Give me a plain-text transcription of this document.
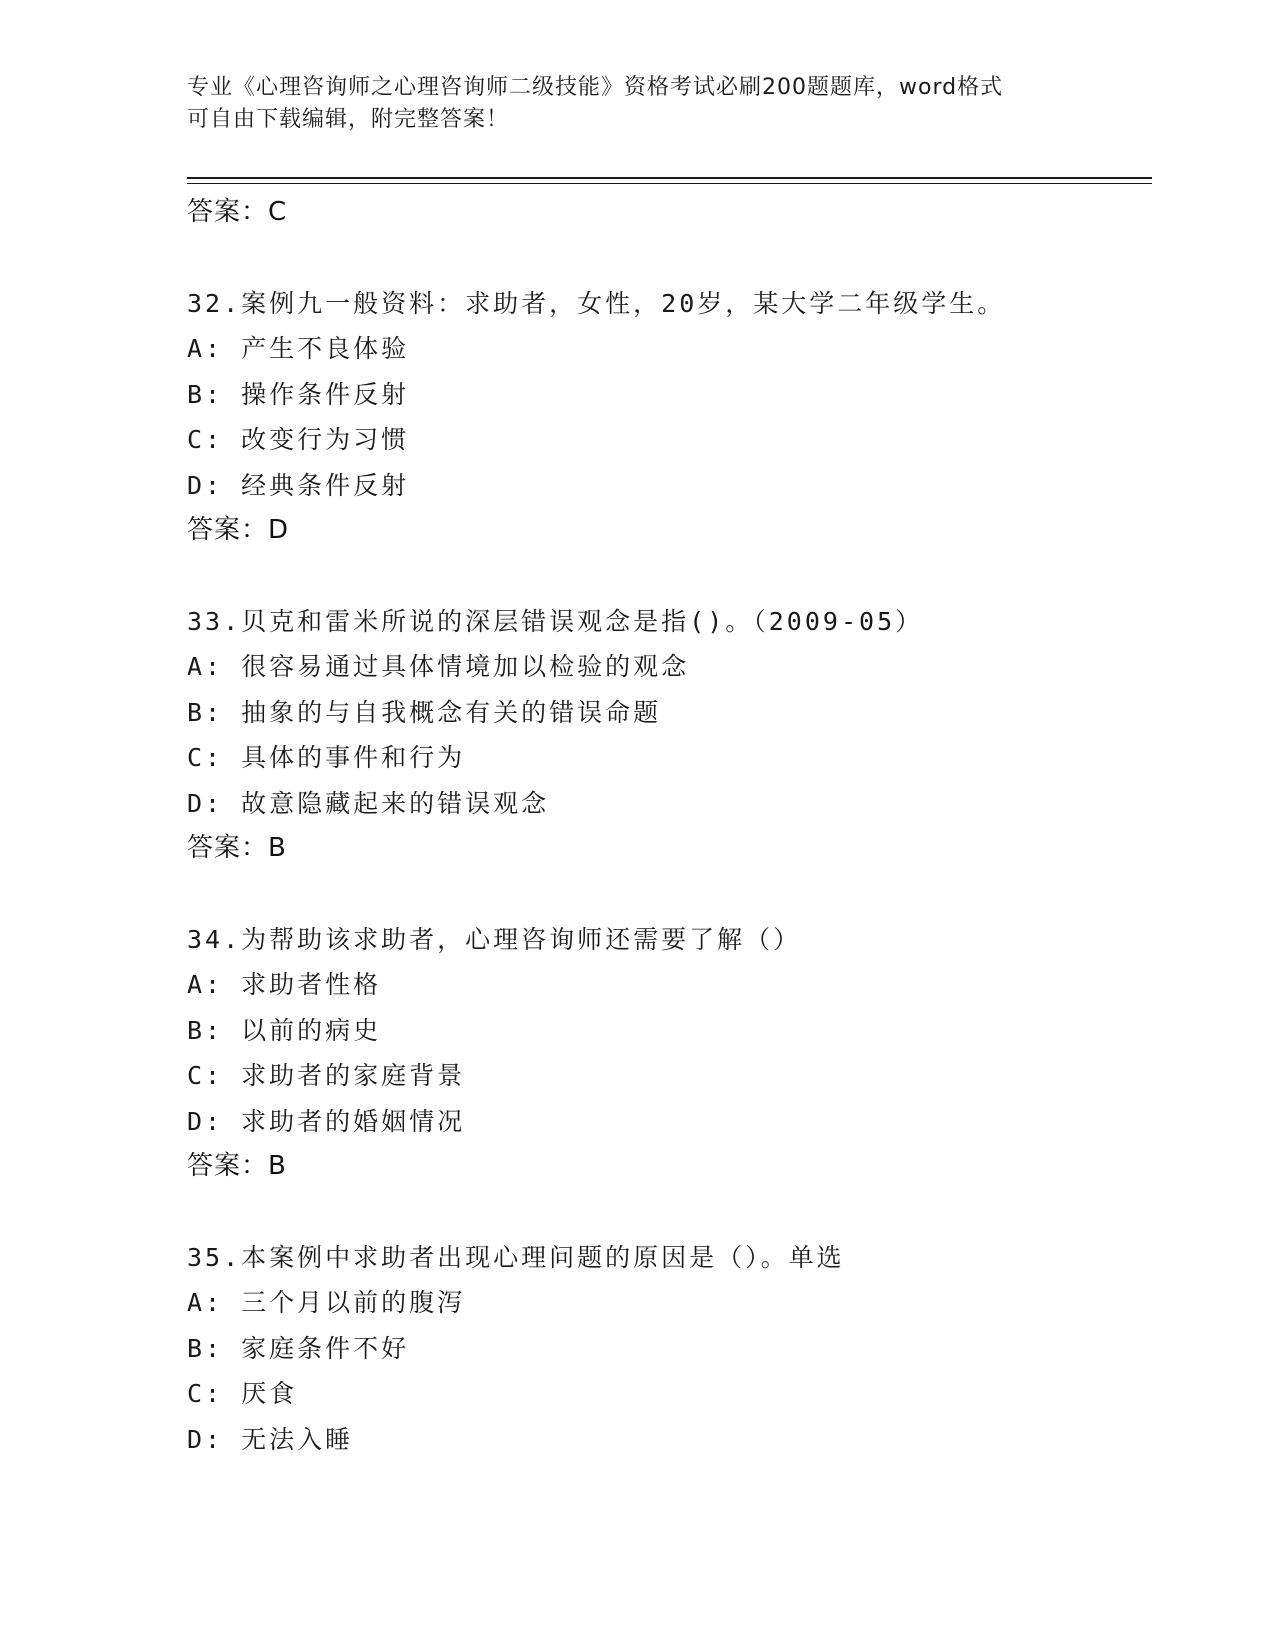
专业《心理咨询师之心理咨询师二级技能》资格考试必刷200题题库，word格式
可自由下载编辑，附完整答案！
答案：C
32.案例九一般资料：求助者，女性，20岁，某大学二年级学生。
A: 产生不良体验
B: 操作条件反射
C: 改变行为习惯
D: 经典条件反射
答案：D
33.贝克和雷米所说的深层错误观念是指()。（2009-05）
A: 很容易通过具体情境加以检验的观念
B: 抽象的与自我概念有关的错误命题
C: 具体的事件和行为
D: 故意隐藏起来的错误观念
答案：B
34.为帮助该求助者，心理咨询师还需要了解（）
A: 求助者性格
B: 以前的病史
C: 求助者的家庭背景
D: 求助者的婚姻情况
答案：B
35.本案例中求助者出现心理问题的原因是（）。单选
A: 三个月以前的腹泻
B: 家庭条件不好
C: 厌食
D: 无法入睡
